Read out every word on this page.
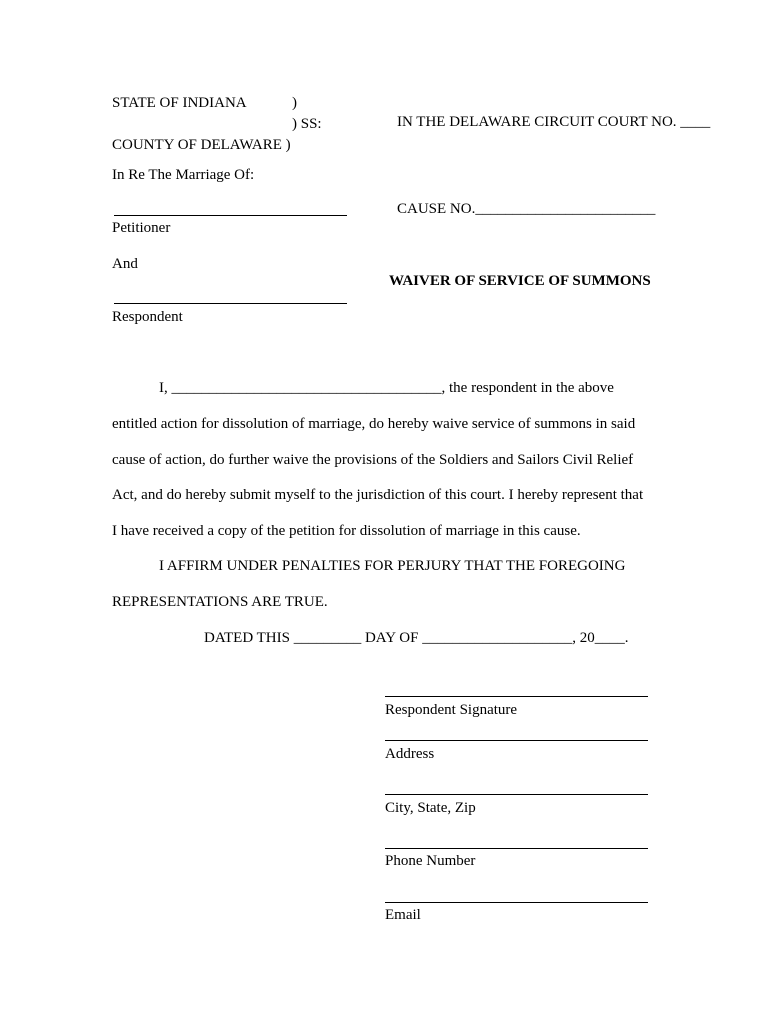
STATE OF INDIANA	)
) SS:
COUNTY OF DELAWARE )
IN THE DELAWARE CIRCUIT COURT NO. ____
In Re The Marriage Of:
Petitioner
CAUSE NO.________________________
And
WAIVER OF SERVICE OF SUMMONS
Respondent
I, ____________________________________, the respondent in the above
entitled action for dissolution of marriage, do hereby waive service of summons in said
cause of action, do further waive the provisions of the Soldiers and Sailors Civil Relief
Act, and do hereby submit myself to the jurisdiction of this court. I hereby represent that
I have received a copy of the petition for dissolution of marriage in this cause.
I AFFIRM UNDER PENALTIES FOR PERJURY THAT THE FOREGOING
REPRESENTATIONS ARE TRUE.
DATED THIS _________ DAY OF ____________________, 20____.
Respondent Signature
Address
City, State, Zip
Phone Number
Email
